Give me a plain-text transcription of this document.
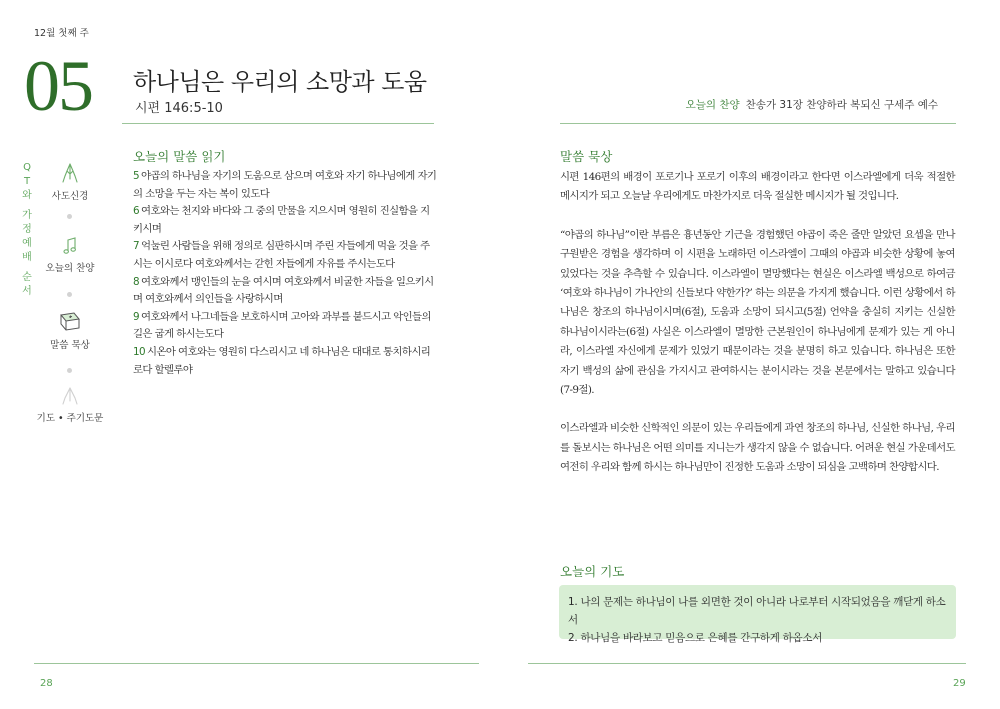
12월 첫째 주
05 하나님은 우리의 소망과 도움
시편 146:5-10
Q
T
와
가
정
예
배
순
서
사도신경
오늘의 찬양
말씀 묵상
기도 • 주기도문
오늘의 말씀 읽기
5 야곱의 하나님을 자기의 도움으로 삼으며 여호와 자기 하나님에게 자기의 소망을 두는 자는 복이 있도다
6 여호와는 천지와 바다와 그 중의 만물을 지으시며 영원히 진실함을 지키시며
7 억눌린 사람들을 위해 정의로 심판하시며 주린 자들에게 먹을 것을 주시는 이시로다 여호와께서는 갇힌 자들에게 자유를 주시는도다
8 여호와께서 맹인들의 눈을 여시며 여호와께서 비굴한 자들을 일으키시며 여호와께서 의인들을 사랑하시며
9 여호와께서 나그네들을 보호하시며 고아와 과부를 붙드시고 악인들의 길은 굽게 하시는도다
10 시온아 여호와는 영원히 다스리시고 네 하나님은 대대로 통치하시리로다 할렐루야
28
오늘의 찬양 찬송가 31장 찬양하라 복되신 구세주 예수
말씀 묵상

시편 146편의 배경이 포로기나 포로기 이후의 배경이라고 한다면 이스라엘에게 더욱 적절한 메시지가 되고 오늘날 우리에게도 마찬가지로 더욱 절실한 메시지가 될 것입니다.

“야곱의 하나님”이란 부름은 흉년동안 기근을 경험했던 야곱이 죽은 줄만 알았던 요셉을 만나 구원받은 경험을 생각하며 이 시편을 노래하던 이스라엘이 그때의 야곱과 비슷한 상황에 놓여 있었다는 것을 추측할 수 있습니다. 이스라엘이 멸망했다는 현실은 이스라엘 백성으로 하여금 ‘여호와 하나님이 가나안의 신들보다 약한가?’ 하는 의문을 가지게 했습니다. 이런 상황에서 하나님은 창조의 하나님이시며(6절), 도움과 소망이 되시고(5절) 언약을 충실히 지키는 신실한 하나님이시라는(6절) 사실은 이스라엘이 멸망한 근본원인이 하나님에게 문제가 있는 게 아니라, 이스라엘 자신에게 문제가 있었기 때문이라는 것을 분명히 하고 있습니다. 하나님은 또한 자기 백성의 삶에 관심을 가지시고 관여하시는 분이시라는 것을 본문에서는 말하고 있습니다(7-9절).

이스라엘과 비슷한 신학적인 의문이 있는 우리들에게 과연 창조의 하나님, 신실한 하나님, 우리를 돌보시는 하나님은 어떤 의미를 지니는가 생각지 않을 수 없습니다. 어려운 현실 가운데서도 여전히 우리와 함께 하시는 하나님만이 진정한 도움과 소망이 되심을 고백하며 찬양합시다.

오늘의 기도
1. 나의 문제는 하나님이 나를 외면한 것이 아니라 나로부터 시작되었음을 깨닫게 하소서
2. 하나님을 바라보고 믿음으로 은혜를 간구하게 하옵소서
29
